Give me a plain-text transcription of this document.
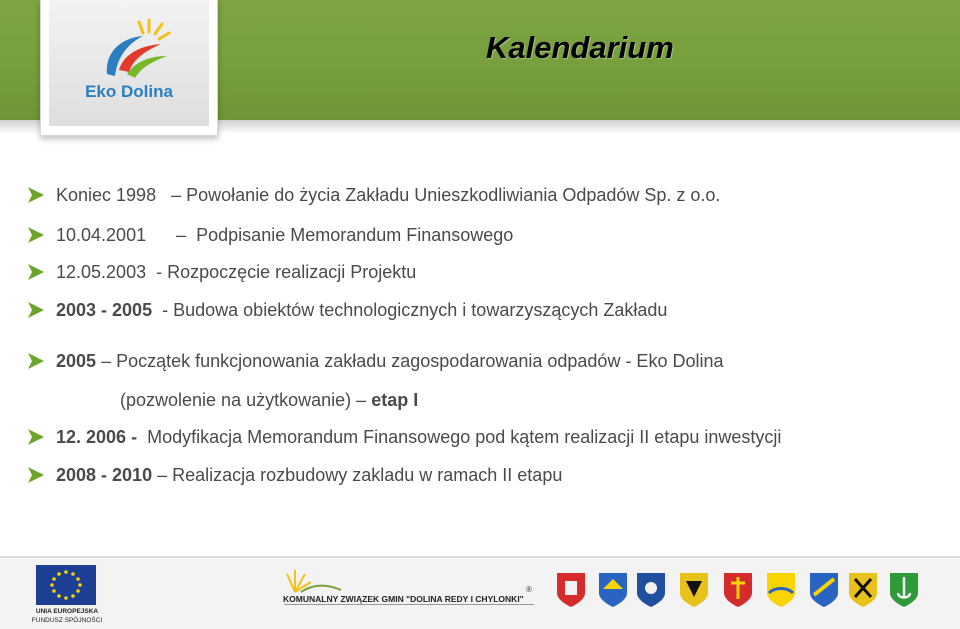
Kalendarium
Eko Dolina
Koniec 1998 – Powołanie do życia Zakładu Unieszkodliwiania Odpadów Sp. z o.o.
10.04.2001 – Podpisanie Memorandum Finansowego
12.05.2003 - Rozpoczęcie realizacji Projektu
2003 - 2005 - Budowa obiektów technologicznych i towarzyszących Zakładu
2005 – Początek funkcjonowania zakładu zagospodarowania odpadów - Eko Dolina
(pozwolenie na użytkowanie) – etap I
12. 2006 - Modyfikacja Memorandum Finansowego pod kątem realizacji II etapu inwestycji
2008 - 2010 – Realizacja rozbudowy zakladu w ramach II etapu
UNIA EUROPEJSKA
FUNDUSZ SPÓJNOŚCI
KOMUNALNY ZWIĄZEK GMIN "DOLINA REDY I CHYLONKI"
®
